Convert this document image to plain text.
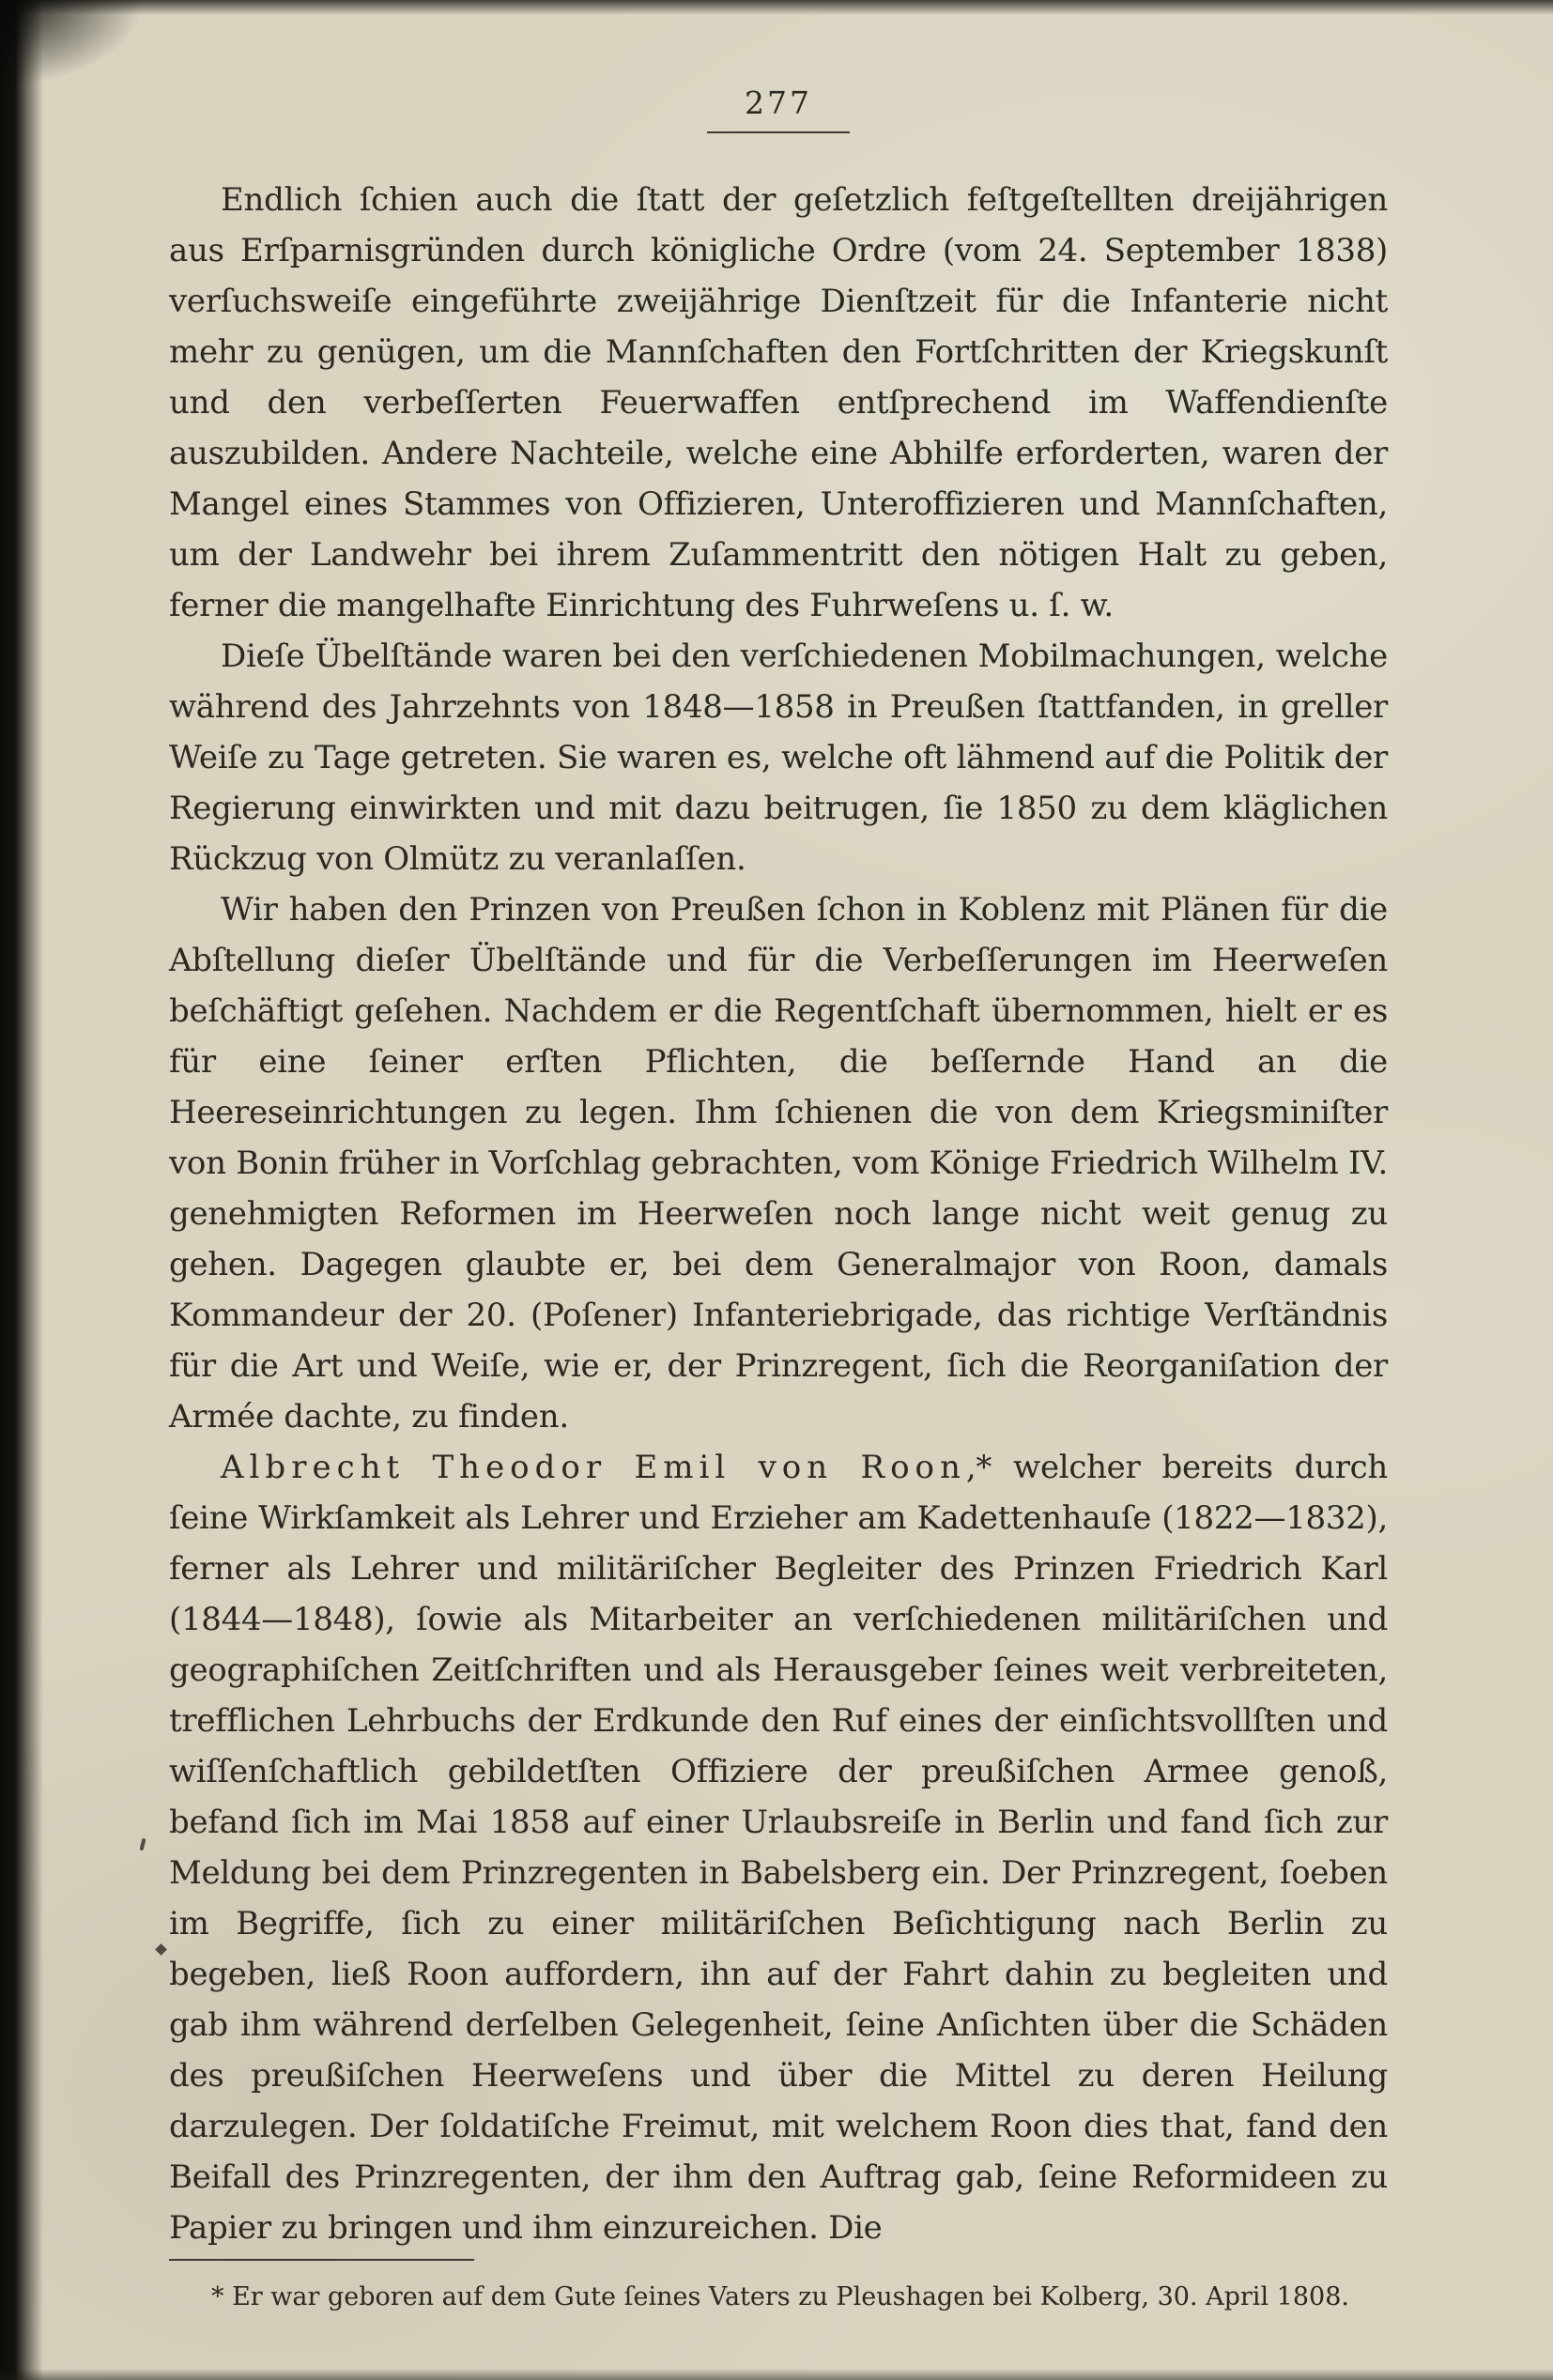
277

Endlich ſchien auch die ſtatt der geſetzlich feſtgeſtellten dreijährigen aus Erſparnisgründen durch königliche Ordre (vom 24. September 1838) verſuchsweiſe eingeführte zweijährige Dienſtzeit für die Infanterie nicht mehr zu genügen, um die Mannſchaften den Fortſchritten der Kriegskunſt und den verbeſſerten Feuerwaffen entſprechend im Waffendienſte auszubilden. Andere Nachteile, welche eine Abhilfe erforderten, waren der Mangel eines Stammes von Offizieren, Unteroffizieren und Mannſchaften, um der Landwehr bei ihrem Zuſammentritt den nötigen Halt zu geben, ferner die mangelhafte Einrichtung des Fuhrweſens u. ſ. w.

Dieſe Übelſtände waren bei den verſchiedenen Mobilmachungen, welche während des Jahrzehnts von 1848—1858 in Preußen ſtattfanden, in greller Weiſe zu Tage getreten. Sie waren es, welche oft lähmend auf die Politik der Regierung einwirkten und mit dazu beitrugen, ſie 1850 zu dem kläglichen Rückzug von Olmütz zu veranlaſſen.

Wir haben den Prinzen von Preußen ſchon in Koblenz mit Plänen für die Abſtellung dieſer Übelſtände und für die Verbeſſerungen im Heerweſen beſchäftigt geſehen. Nachdem er die Regentſchaft übernommen, hielt er es für eine ſeiner erſten Pflichten, die beſſernde Hand an die Heereseinrichtungen zu legen. Ihm ſchienen die von dem Kriegsminiſter von Bonin früher in Vorſchlag gebrachten, vom Könige Friedrich Wilhelm IV. genehmigten Reformen im Heerweſen noch lange nicht weit genug zu gehen. Dagegen glaubte er, bei dem Generalmajor von Roon, damals Kommandeur der 20. (Poſener) Infanteriebrigade, das richtige Verſtändnis für die Art und Weiſe, wie er, der Prinzregent, ſich die Reorganiſation der Armée dachte, zu finden.

Albrecht Theodor Emil von Roon,* welcher bereits durch ſeine Wirkſamkeit als Lehrer und Erzieher am Kadettenhauſe (1822—1832), ferner als Lehrer und militäriſcher Begleiter des Prinzen Friedrich Karl (1844—1848), ſowie als Mitarbeiter an verſchiedenen militäriſchen und geographiſchen Zeitſchriften und als Herausgeber ſeines weit verbreiteten, trefflichen Lehrbuchs der Erdkunde den Ruf eines der einſichtsvollſten und wiſſenſchaftlich gebildetſten Offiziere der preußiſchen Armee genoß, befand ſich im Mai 1858 auf einer Urlaubsreiſe in Berlin und fand ſich zur Meldung bei dem Prinzregenten in Babelsberg ein. Der Prinzregent, ſoeben im Begriffe, ſich zu einer militäriſchen Beſichtigung nach Berlin zu begeben, ließ Roon auffordern, ihn auf der Fahrt dahin zu begleiten und gab ihm während derſelben Gelegenheit, ſeine Anſichten über die Schäden des preußiſchen Heerweſens und über die Mittel zu deren Heilung darzulegen. Der ſoldatiſche Freimut, mit welchem Roon dies that, fand den Beifall des Prinzregenten, der ihm den Auftrag gab, ſeine Reformideen zu Papier zu bringen und ihm einzureichen. Die

* Er war geboren auf dem Gute ſeines Vaters zu Pleushagen bei Kolberg, 30. April 1808.
